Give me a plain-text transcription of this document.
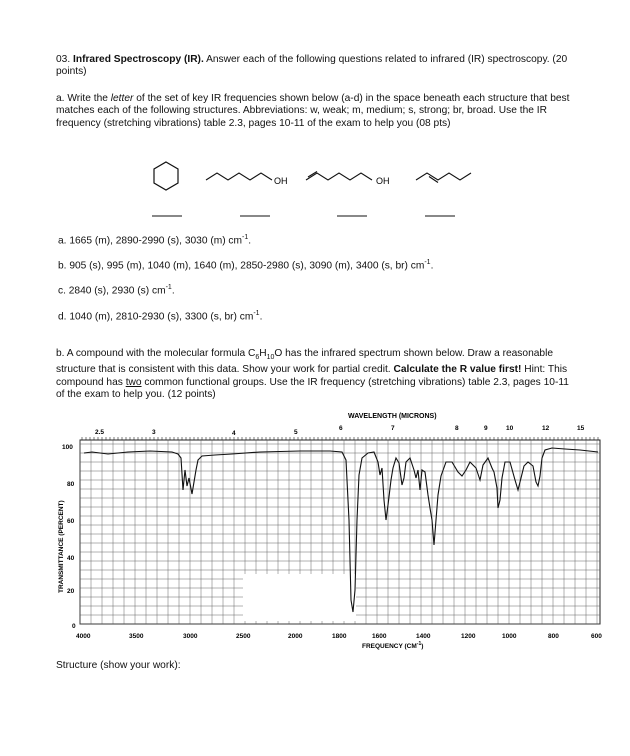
03. Infrared Spectroscopy (IR). Answer each of the following questions related to infrared (IR) spectroscopy. (20 points)
a. Write the letter of the set of key IR frequencies shown below (a-d) in the space beneath each structure that best matches each of the following structures. Abbreviations: w, weak; m, medium; s, strong; br, broad. Use the IR frequency (stretching vibrations) table 2.3, pages 10-11 of the exam to help you (08 pts)
OH	OH
a. 1665 (m), 2890-2990 (s), 3030 (m) $cm^{-1}$.
b. 905 (s), 995 (m), 1040 (m), 1640 (m), 2850-2980 (s), 3090 (m), 3400 (s, br) $cm^{-1}$.
c. 2840 (s), 2930 (s) $cm^{-1}$.
d. 1040 (m), 2810-2930 (s), 3300 (s, br) $cm^{-1}$.
b. A compound with the molecular formula $C_6H_{10}O$ has the infrared spectrum shown below. Draw a reasonable structure that is consistent with this data. Show your work for partial credit. Calculate the R value first! Hint: This compound has two common functional groups. Use the IR frequency (stretching vibrations) table 2.3, pages 10-11 of the exam to help you. (12 points)
WAVELENGTH (MICRONS)
2.5	3	4	5
6	7	8	9	10	12	15
100
80
60
40
20
0
TRANSMITTANCE (PERCENT)
4000	3500	3000	2500	2000	1800	1600	1400	1200	1000	800	600
FREQUENCY $(CM^{-1})$
Structure (show your work):
